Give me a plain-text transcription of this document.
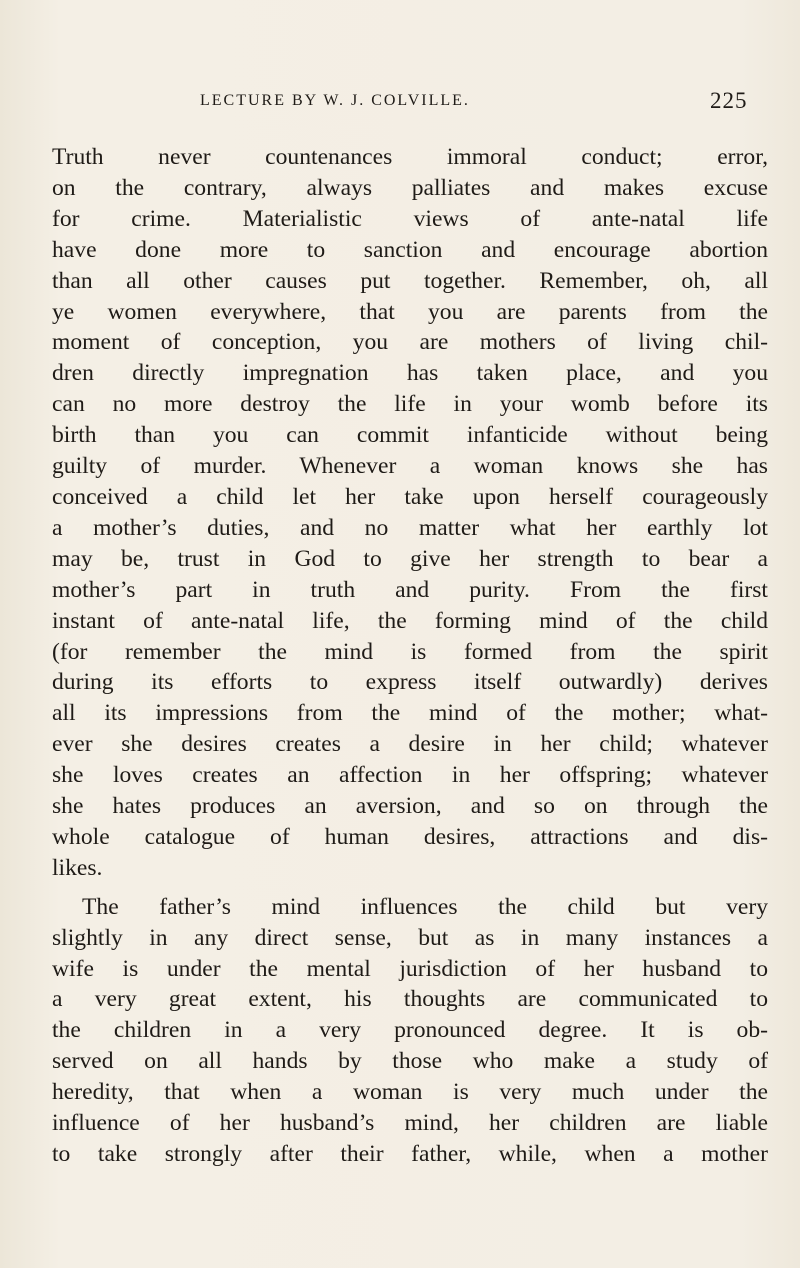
LECTURE BY W. J. COLVILLE.	225
Truth never countenances immoral conduct; error,
on the contrary, always palliates and makes excuse
for crime. Materialistic views of ante-natal life
have done more to sanction and encourage abortion
than all other causes put together. Remember, oh, all
ye women everywhere, that you are parents from the
moment of conception, you are mothers of living chil-
dren directly impregnation has taken place, and you
can no more destroy the life in your womb before its
birth than you can commit infanticide without being
guilty of murder. Whenever a woman knows she has
conceived a child let her take upon herself courageously
a mother’s duties, and no matter what her earthly lot
may be, trust in God to give her strength to bear a
mother’s part in truth and purity. From the first
instant of ante-natal life, the forming mind of the child
(for remember the mind is formed from the spirit
during its efforts to express itself outwardly) derives
all its impressions from the mind of the mother; what-
ever she desires creates a desire in her child; whatever
she loves creates an affection in her offspring; whatever
she hates produces an aversion, and so on through the
whole catalogue of human desires, attractions and dis-
likes.
The father’s mind influences the child but very
slightly in any direct sense, but as in many instances a
wife is under the mental jurisdiction of her husband to
a very great extent, his thoughts are communicated to
the children in a very pronounced degree. It is ob-
served on all hands by those who make a study of
heredity, that when a woman is very much under the
influence of her husband’s mind, her children are liable
to take strongly after their father, while, when a mother
